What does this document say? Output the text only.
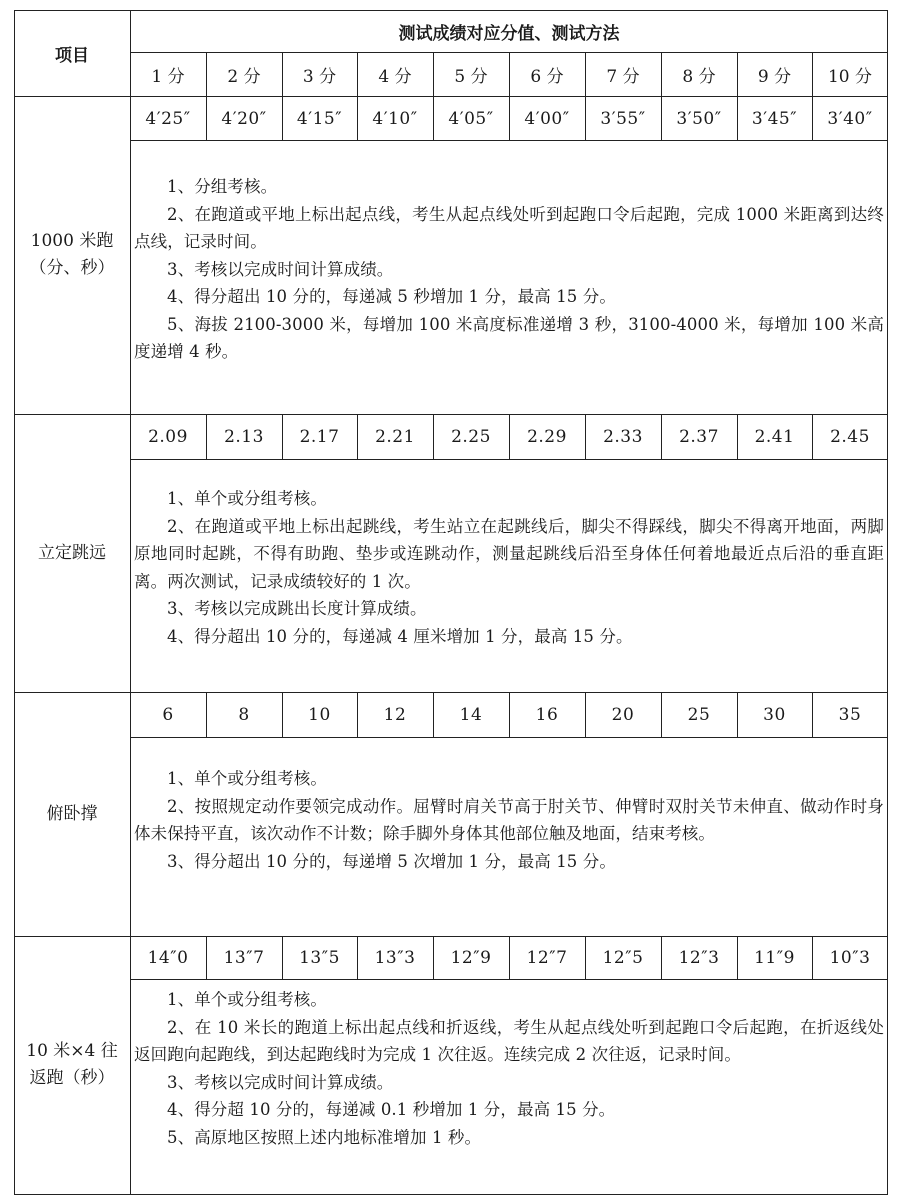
项目
测试成绩对应分值、测试方法
1 分	2 分	3 分	4 分	5 分	6 分	7 分	8 分	9 分	10 分
4′25″	4′20″	4′15″	4′10″	4′05″	4′00″	3′55″	3′50″	3′45″	3′40″
1000 米跑
（分、秒）

1、分组考核。

2、在跑道或平地上标出起点线，考生从起点线处听到起跑口令后起跑，完成 1000 米距离到达终点线，记录时间。

3、考核以完成时间计算成绩。

4、得分超出 10 分的，每递减 5 秒增加 1 分，最高 15 分。

5、海拔 2100-3000 米，每增加 100 米高度标准递增 3 秒，3100-4000 米，每增加 100 米高度递增 4 秒。

2.09	2.13	2.17	2.21	2.25	2.29	2.33	2.37	2.41	2.45
立定跳远

1、单个或分组考核。

2、在跑道或平地上标出起跳线，考生站立在起跳线后，脚尖不得踩线，脚尖不得离开地面，两脚原地同时起跳，不得有助跑、垫步或连跳动作，测量起跳线后沿至身体任何着地最近点后沿的垂直距离。两次测试，记录成绩较好的 1 次。

3、考核以完成跳出长度计算成绩。

4、得分超出 10 分的，每递减 4 厘米增加 1 分，最高 15 分。

6	8	10	12	14	16	20	25	30	35
俯卧撑

1、单个或分组考核。

2、按照规定动作要领完成动作。屈臂时肩关节高于肘关节、伸臂时双肘关节未伸直、做动作时身体未保持平直，该次动作不计数；除手脚外身体其他部位触及地面，结束考核。

3、得分超出 10 分的，每递增 5 次增加 1 分，最高 15 分。

14″0	13″7	13″5	13″3	12″9	12″7	12″5	12″3	11″9	10″3
10 米×4 往
返跑（秒）

1、单个或分组考核。

2、在 10 米长的跑道上标出起点线和折返线，考生从起点线处听到起跑口令后起跑，在折返线处返回跑向起跑线，到达起跑线时为完成 1 次往返。连续完成 2 次往返，记录时间。

3、考核以完成时间计算成绩。

4、得分超 10 分的，每递减 0.1 秒增加 1 分，最高 15 分。

5、高原地区按照上述内地标准增加 1 秒。
